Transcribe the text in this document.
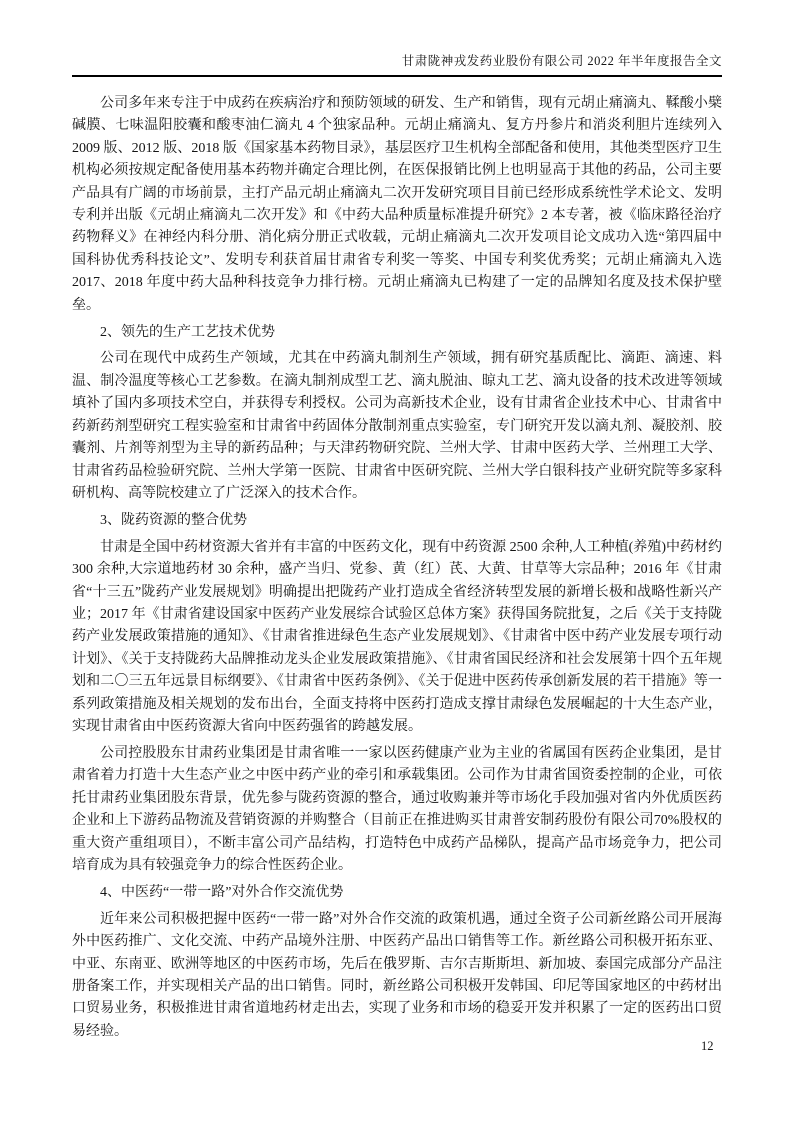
甘肃陇神戎发药业股份有限公司 2022 年半年度报告全文
公司多年来专注于中成药在疾病治疗和预防领域的研发、生产和销售，现有元胡止痛滴丸、鞣酸小檗碱膜、七味温阳胶囊和酸枣油仁滴丸 4 个独家品种。元胡止痛滴丸、复方丹参片和消炎利胆片连续列入 2009 版、2012 版、2018 版《国家基本药物目录》，基层医疗卫生机构全部配备和使用，其他类型医疗卫生机构必须按规定配备使用基本药物并确定合理比例，在医保报销比例上也明显高于其他的药品，公司主要产品具有广阔的市场前景，主打产品元胡止痛滴丸二次开发研究项目目前已经形成系统性学术论文、发明专利并出版《元胡止痛滴丸二次开发》和《中药大品种质量标准提升研究》2 本专著，被《临床路径治疗药物释义》在神经内科分册、消化病分册正式收载，元胡止痛滴丸二次开发项目论文成功入选“第四届中国科协优秀科技论文”、发明专利获首届甘肃省专利奖一等奖、中国专利奖优秀奖；元胡止痛滴丸入选 2017、2018 年度中药大品种科技竞争力排行榜。元胡止痛滴丸已构建了一定的品牌知名度及技术保护壁垒。
2、领先的生产工艺技术优势
公司在现代中成药生产领域，尤其在中药滴丸制剂生产领域，拥有研究基质配比、滴距、滴速、料温、制冷温度等核心工艺参数。在滴丸制剂成型工艺、滴丸脱油、晾丸工艺、滴丸设备的技术改进等领域填补了国内多项技术空白，并获得专利授权。公司为高新技术企业，设有甘肃省企业技术中心、甘肃省中药新药剂型研究工程实验室和甘肃省中药固体分散制剂重点实验室，专门研究开发以滴丸剂、凝胶剂、胶囊剂、片剂等剂型为主导的新药品种；与天津药物研究院、兰州大学、甘肃中医药大学、兰州理工大学、甘肃省药品检验研究院、兰州大学第一医院、甘肃省中医研究院、兰州大学白银科技产业研究院等多家科研机构、高等院校建立了广泛深入的技术合作。
3、陇药资源的整合优势
甘肃是全国中药材资源大省并有丰富的中医药文化，现有中药资源 2500 余种,人工种植(养殖)中药材约 300 余种,大宗道地药材 30 余种，盛产当归、党参、黄（红）芪、大黄、甘草等大宗品种；2016 年《甘肃省“十三五”陇药产业发展规划》明确提出把陇药产业打造成全省经济转型发展的新增长极和战略性新兴产业；2017 年《甘肃省建设国家中医药产业发展综合试验区总体方案》获得国务院批复，之后《关于支持陇药产业发展政策措施的通知》、《甘肃省推进绿色生态产业发展规划》、《甘肃省中医中药产业发展专项行动计划》、《关于支持陇药大品牌推动龙头企业发展政策措施》、《甘肃省国民经济和社会发展第十四个五年规划和二〇三五年远景目标纲要》、《甘肃省中医药条例》、《关于促进中医药传承创新发展的若干措施》等一系列政策措施及相关规划的发布出台，全面支持将中医药打造成支撑甘肃绿色发展崛起的十大生态产业，实现甘肃省由中医药资源大省向中医药强省的跨越发展。
公司控股股东甘肃药业集团是甘肃省唯一一家以医药健康产业为主业的省属国有医药企业集团，是甘肃省着力打造十大生态产业之中医中药产业的牵引和承载集团。公司作为甘肃省国资委控制的企业，可依托甘肃药业集团股东背景，优先参与陇药资源的整合，通过收购兼并等市场化手段加强对省内外优质医药企业和上下游药品物流及营销资源的并购整合（目前正在推进购买甘肃普安制药股份有限公司70%股权的重大资产重组项目），不断丰富公司产品结构，打造特色中成药产品梯队，提高产品市场竞争力，把公司培育成为具有较强竞争力的综合性医药企业。
4、中医药“一带一路”对外合作交流优势
近年来公司积极把握中医药“一带一路”对外合作交流的政策机遇，通过全资子公司新丝路公司开展海外中医药推广、文化交流、中药产品境外注册、中医药产品出口销售等工作。新丝路公司积极开拓东亚、中亚、东南亚、欧洲等地区的中医药市场，先后在俄罗斯、吉尔吉斯斯坦、新加坡、泰国完成部分产品注册备案工作，并实现相关产品的出口销售。同时，新丝路公司积极开发韩国、印尼等国家地区的中药材出口贸易业务，积极推进甘肃省道地药材走出去，实现了业务和市场的稳妥开发并积累了一定的医药出口贸易经验。
12
